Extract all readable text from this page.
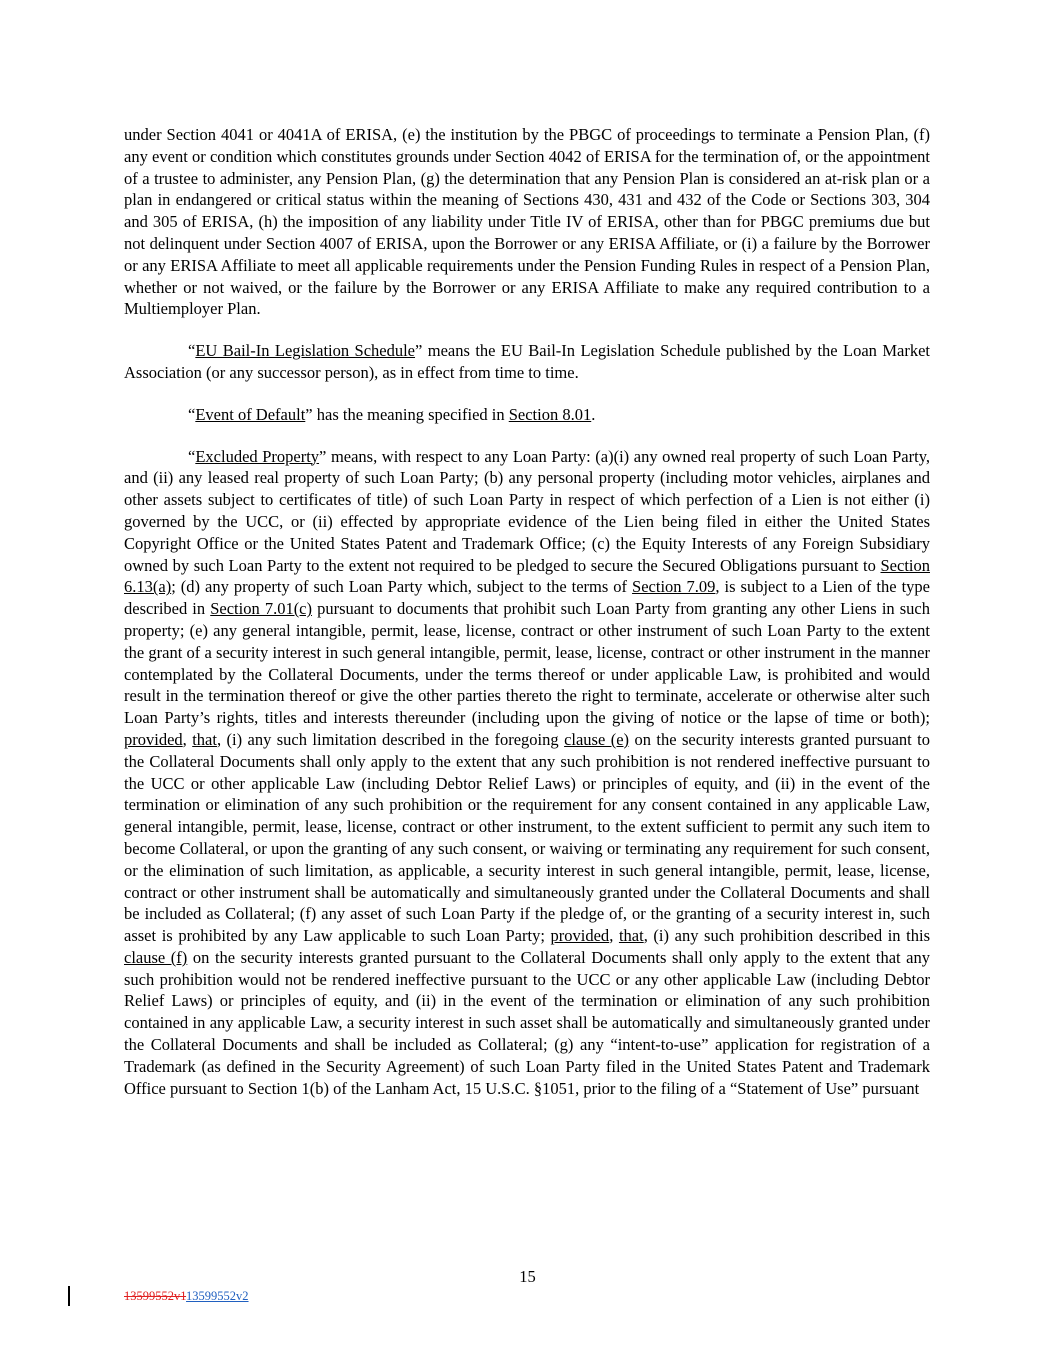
under Section 4041 or 4041A of ERISA, (e) the institution by the PBGC of proceedings to terminate a Pension Plan, (f) any event or condition which constitutes grounds under Section 4042 of ERISA for the termination of, or the appointment of a trustee to administer, any Pension Plan, (g) the determination that any Pension Plan is considered an at-risk plan or a plan in endangered or critical status within the meaning of Sections 430, 431 and 432 of the Code or Sections 303, 304 and 305 of ERISA, (h) the imposition of any liability under Title IV of ERISA, other than for PBGC premiums due but not delinquent under Section 4007 of ERISA, upon the Borrower or any ERISA Affiliate, or (i) a failure by the Borrower or any ERISA Affiliate to meet all applicable requirements under the Pension Funding Rules in respect of a Pension Plan, whether or not waived, or the failure by the Borrower or any ERISA Affiliate to make any required contribution to a Multiemployer Plan.

“EU Bail-In Legislation Schedule” means the EU Bail-In Legislation Schedule published by the Loan Market Association (or any successor person), as in effect from time to time.

“Event of Default” has the meaning specified in Section 8.01.

“Excluded Property” means, with respect to any Loan Party: (a)(i) any owned real property of such Loan Party, and (ii) any leased real property of such Loan Party; (b) any personal property (including motor vehicles, airplanes and other assets subject to certificates of title) of such Loan Party in respect of which perfection of a Lien is not either (i) governed by the UCC, or (ii) effected by appropriate evidence of the Lien being filed in either the United States Copyright Office or the United States Patent and Trademark Office; (c) the Equity Interests of any Foreign Subsidiary owned by such Loan Party to the extent not required to be pledged to secure the Secured Obligations pursuant to Section 6.13(a); (d) any property of such Loan Party which, subject to the terms of Section 7.09, is subject to a Lien of the type described in Section 7.01(c) pursuant to documents that prohibit such Loan Party from granting any other Liens in such property; (e) any general intangible, permit, lease, license, contract or other instrument of such Loan Party to the extent the grant of a security interest in such general intangible, permit, lease, license, contract or other instrument in the manner contemplated by the Collateral Documents, under the terms thereof or under applicable Law, is prohibited and would result in the termination thereof or give the other parties thereto the right to terminate, accelerate or otherwise alter such Loan Party’s rights, titles and interests thereunder (including upon the giving of notice or the lapse of time or both); provided, that, (i) any such limitation described in the foregoing clause (e) on the security interests granted pursuant to the Collateral Documents shall only apply to the extent that any such prohibition is not rendered ineffective pursuant to the UCC or other applicable Law (including Debtor Relief Laws) or principles of equity, and (ii) in the event of the termination or elimination of any such prohibition or the requirement for any consent contained in any applicable Law, general intangible, permit, lease, license, contract or other instrument, to the extent sufficient to permit any such item to become Collateral, or upon the granting of any such consent, or waiving or terminating any requirement for such consent, or the elimination of such limitation, as applicable, a security interest in such general intangible, permit, lease, license, contract or other instrument shall be automatically and simultaneously granted under the Collateral Documents and shall be included as Collateral; (f) any asset of such Loan Party if the pledge of, or the granting of a security interest in, such asset is prohibited by any Law applicable to such Loan Party; provided, that, (i) any such prohibition described in this clause (f) on the security interests granted pursuant to the Collateral Documents shall only apply to the extent that any such prohibition would not be rendered ineffective pursuant to the UCC or any other applicable Law (including Debtor Relief Laws) or principles of equity, and (ii) in the event of the termination or elimination of any such prohibition contained in any applicable Law, a security interest in such asset shall be automatically and simultaneously granted under the Collateral Documents and shall be included as Collateral; (g) any “intent-to-use” application for registration of a Trademark (as defined in the Security Agreement) of such Loan Party filed in the United States Patent and Trademark Office pursuant to Section 1(b) of the Lanham Act, 15 U.S.C. §1051, prior to the filing of a “Statement of Use” pursuant

15
13599552v113599552v2
